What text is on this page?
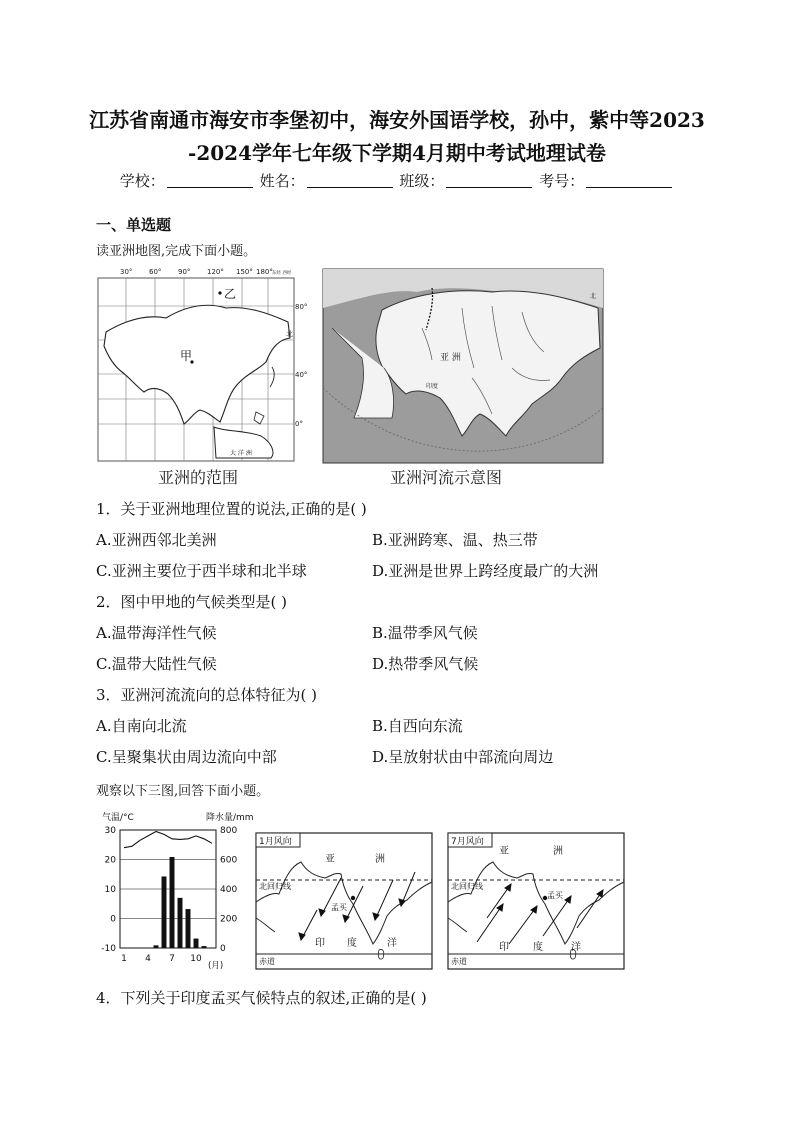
江苏省南通市海安市李堡初中，海安外国语学校，孙中，紫中等2023
-2024学年七年级下学期4月期中考试地理试卷
学校：	姓名：	班级：	考号：
一、单选题
读亚洲地图,完成下面小题。
30° 60° 90° 120° 150° 180° 东经 西经
80°
40°
0°
甲
乙
北
大 洋 洲
亚洲的范围
亚 洲
印度
北
亚洲河流示意图
1．关于亚洲地理位置的说法,正确的是( )
A.亚洲西邻北美洲	B.亚洲跨寒、温、热三带
C.亚洲主要位于西半球和北半球	D.亚洲是世界上跨经度最广的大洲
2．图中甲地的气候类型是( )
A.温带海洋性气候	B.温带季风气候
C.温带大陆性气候	D.热带季风气候
3．亚洲河流流向的总体特征为( )
A.自南向北流	B.自西向东流
C.呈聚集状由周边流向中部	D.呈放射状由中部流向周边
观察以下三图,回答下面小题。
气温/°C	降水量/mm
30
20
10
0
-10
800
600
400
200
0
1 4 7 10
(月)
1月风向
北回归线
赤道
亚	洲
孟买
印 度	洋
7月风向
北回归线
赤道
亚	洲
孟买
印 度	洋
4．下列关于印度孟买气候特点的叙述,正确的是( )
